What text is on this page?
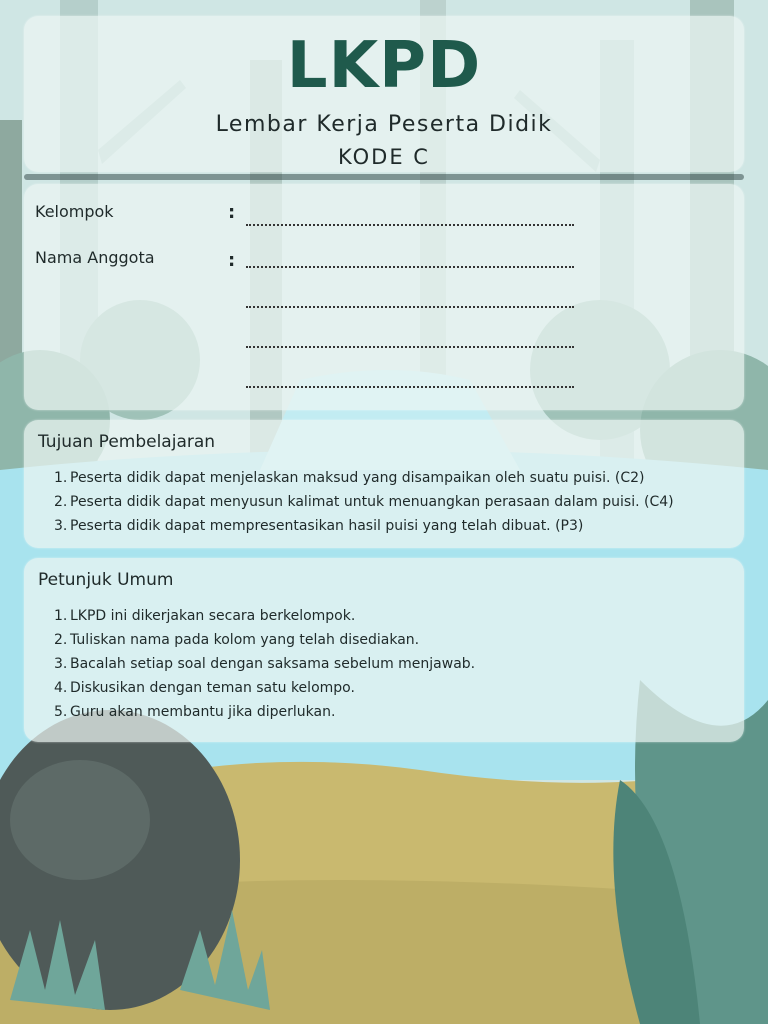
LKPD
Lembar Kerja Peserta Didik
KODE C
Kelompok	:
Nama Anggota	:
Tujuan Pembelajaran
1. Peserta didik dapat menjelaskan maksud yang disampaikan oleh suatu puisi. (C2)
2. Peserta didik dapat menyusun kalimat untuk menuangkan perasaan dalam puisi. (C4)
3. Peserta didik dapat mempresentasikan hasil puisi yang telah dibuat. (P3)
Petunjuk Umum
1. LKPD ini dikerjakan secara berkelompok.
2. Tuliskan nama pada kolom yang telah disediakan.
3. Bacalah setiap soal dengan saksama sebelum menjawab.
4. Diskusikan dengan teman satu kelompo.
5. Guru akan membantu jika diperlukan.
